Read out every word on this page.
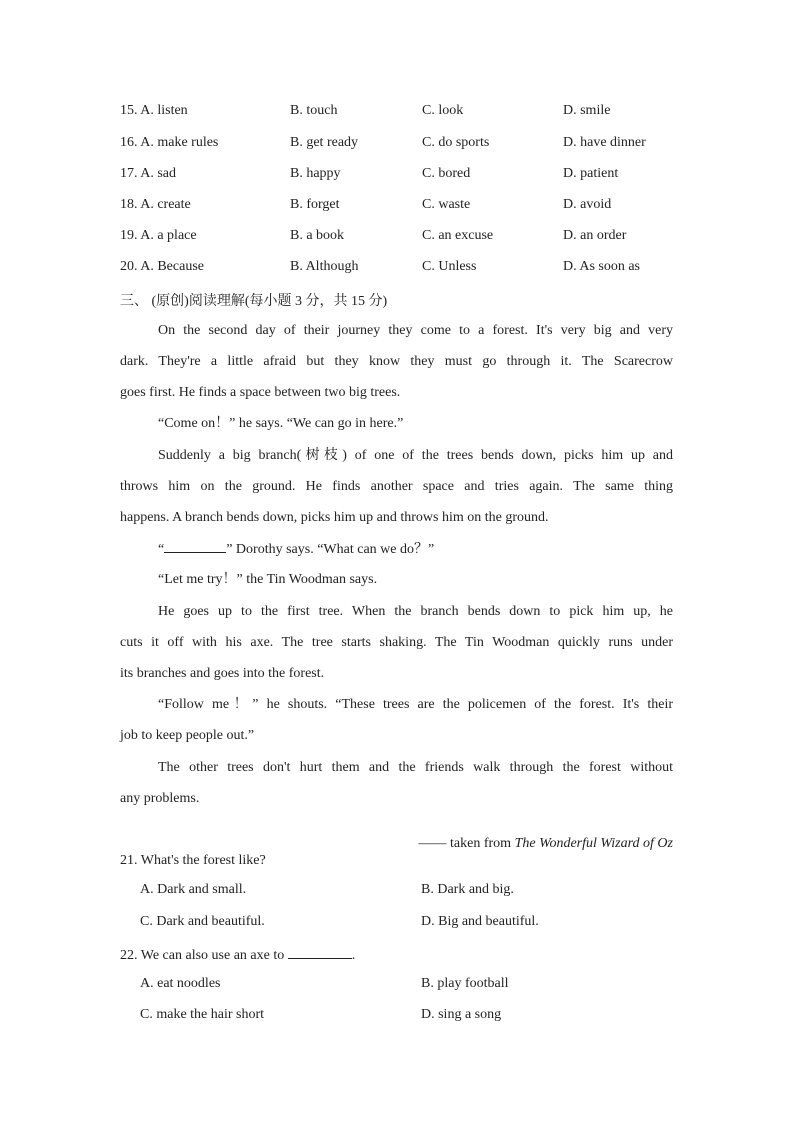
15. A. listen	B. touch	C. look	D. smile
16. A. make rules	B. get ready	C. do sports	D. have dinner
17. A. sad	B. happy	C. bored	D. patient
18. A. create	B. forget	C. waste	D. avoid
19. A. a place	B. a book	C. an excuse	D. an order
20. A. Because	B. Although	C. Unless	D. As soon as
三、 (原创)阅读理解(每小题 3 分，共 15 分)
On the second day of their journey they come to a forest. It's very big and very
dark. They're a little afraid but they know they must go through it. The Scarecrow
goes first. He finds a space between two big trees.
“Come on！” he says. “We can go in here.”
Suddenly a big branch(树枝) of one of the trees bends down, picks him up and
throws him on the ground. He finds another space and tries again. The same thing
happens. A branch bends down, picks him up and throws him on the ground.
“	” Dorothy says. “What can we do？”
“Let me try！” the Tin Woodman says.
He goes up to the first tree. When the branch bends down to pick him up, he
cuts it off with his axe. The tree starts shaking. The Tin Woodman quickly runs under
its branches and goes into the forest.
“Follow me！” he shouts. “These trees are the policemen of the forest. It's their
job to keep people out.”
The other trees don't hurt them and the friends walk through the forest without
any problems.

—— taken from The Wonderful Wizard of Oz

21. What's the forest like?
A. Dark and small.	B. Dark and big.
C. Dark and beautiful.	D. Big and beautiful.
22. We can also use an axe to	.
A. eat noodles	B. play football
C. make the hair short	D. sing a song
